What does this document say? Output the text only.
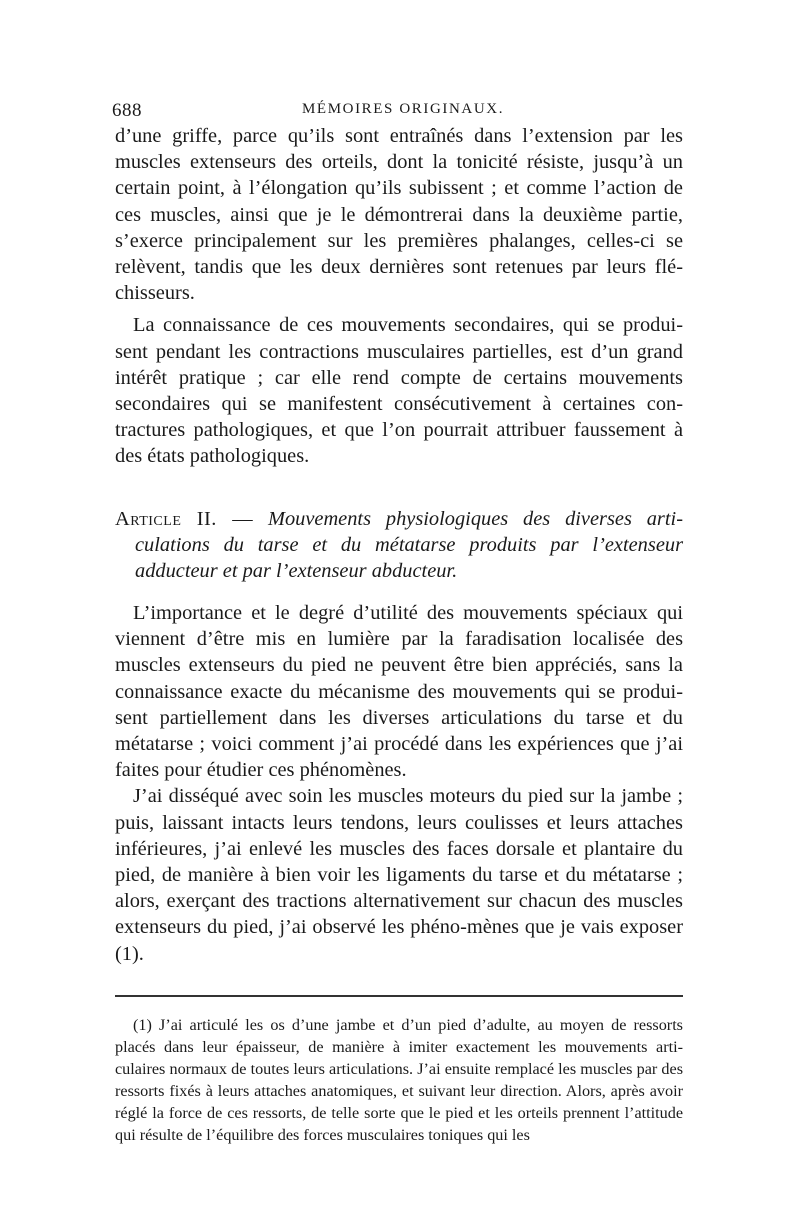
688	MÉMOIRES ORIGINAUX.

d’une griffe, parce qu’ils sont entraînés dans l’extension par les muscles extenseurs des orteils, dont la tonicité résiste, jusqu’à un certain point, à l’élongation qu’ils subissent ; et comme l’action de ces muscles, ainsi que je le démontrerai dans la deuxième partie, s’exerce principalement sur les premières phalanges, celles-ci se relèvent, tandis que les deux dernières sont retenues par leurs flé-chisseurs.

La connaissance de ces mouvements secondaires, qui se produi-sent pendant les contractions musculaires partielles, est d’un grand intérêt pratique ; car elle rend compte de certains mouvements secondaires qui se manifestent consécutivement à certaines con-tractures pathologiques, et que l’on pourrait attribuer faussement à des états pathologiques.

Article II. — Mouvements physiologiques des diverses arti-culations du tarse et du métatarse produits par l’extenseur adducteur et par l’extenseur abducteur.

L’importance et le degré d’utilité des mouvements spéciaux qui viennent d’être mis en lumière par la faradisation localisée des muscles extenseurs du pied ne peuvent être bien appréciés, sans la connaissance exacte du mécanisme des mouvements qui se produi-sent partiellement dans les diverses articulations du tarse et du métatarse ; voici comment j’ai procédé dans les expériences que j’ai faites pour étudier ces phénomènes.

J’ai disséqué avec soin les muscles moteurs du pied sur la jambe ; puis, laissant intacts leurs tendons, leurs coulisses et leurs attaches inférieures, j’ai enlevé les muscles des faces dorsale et plantaire du pied, de manière à bien voir les ligaments du tarse et du métatarse ; alors, exerçant des tractions alternativement sur chacun des muscles extenseurs du pied, j’ai observé les phéno-mènes que je vais exposer (1).

(1) J’ai articulé les os d’une jambe et d’un pied d’adulte, au moyen de ressorts placés dans leur épaisseur, de manière à imiter exactement les mouvements arti-culaires normaux de toutes leurs articulations. J’ai ensuite remplacé les muscles par des ressorts fixés à leurs attaches anatomiques, et suivant leur direction. Alors, après avoir réglé la force de ces ressorts, de telle sorte que le pied et les orteils prennent l’attitude qui résulte de l’équilibre des forces musculaires toniques qui les
